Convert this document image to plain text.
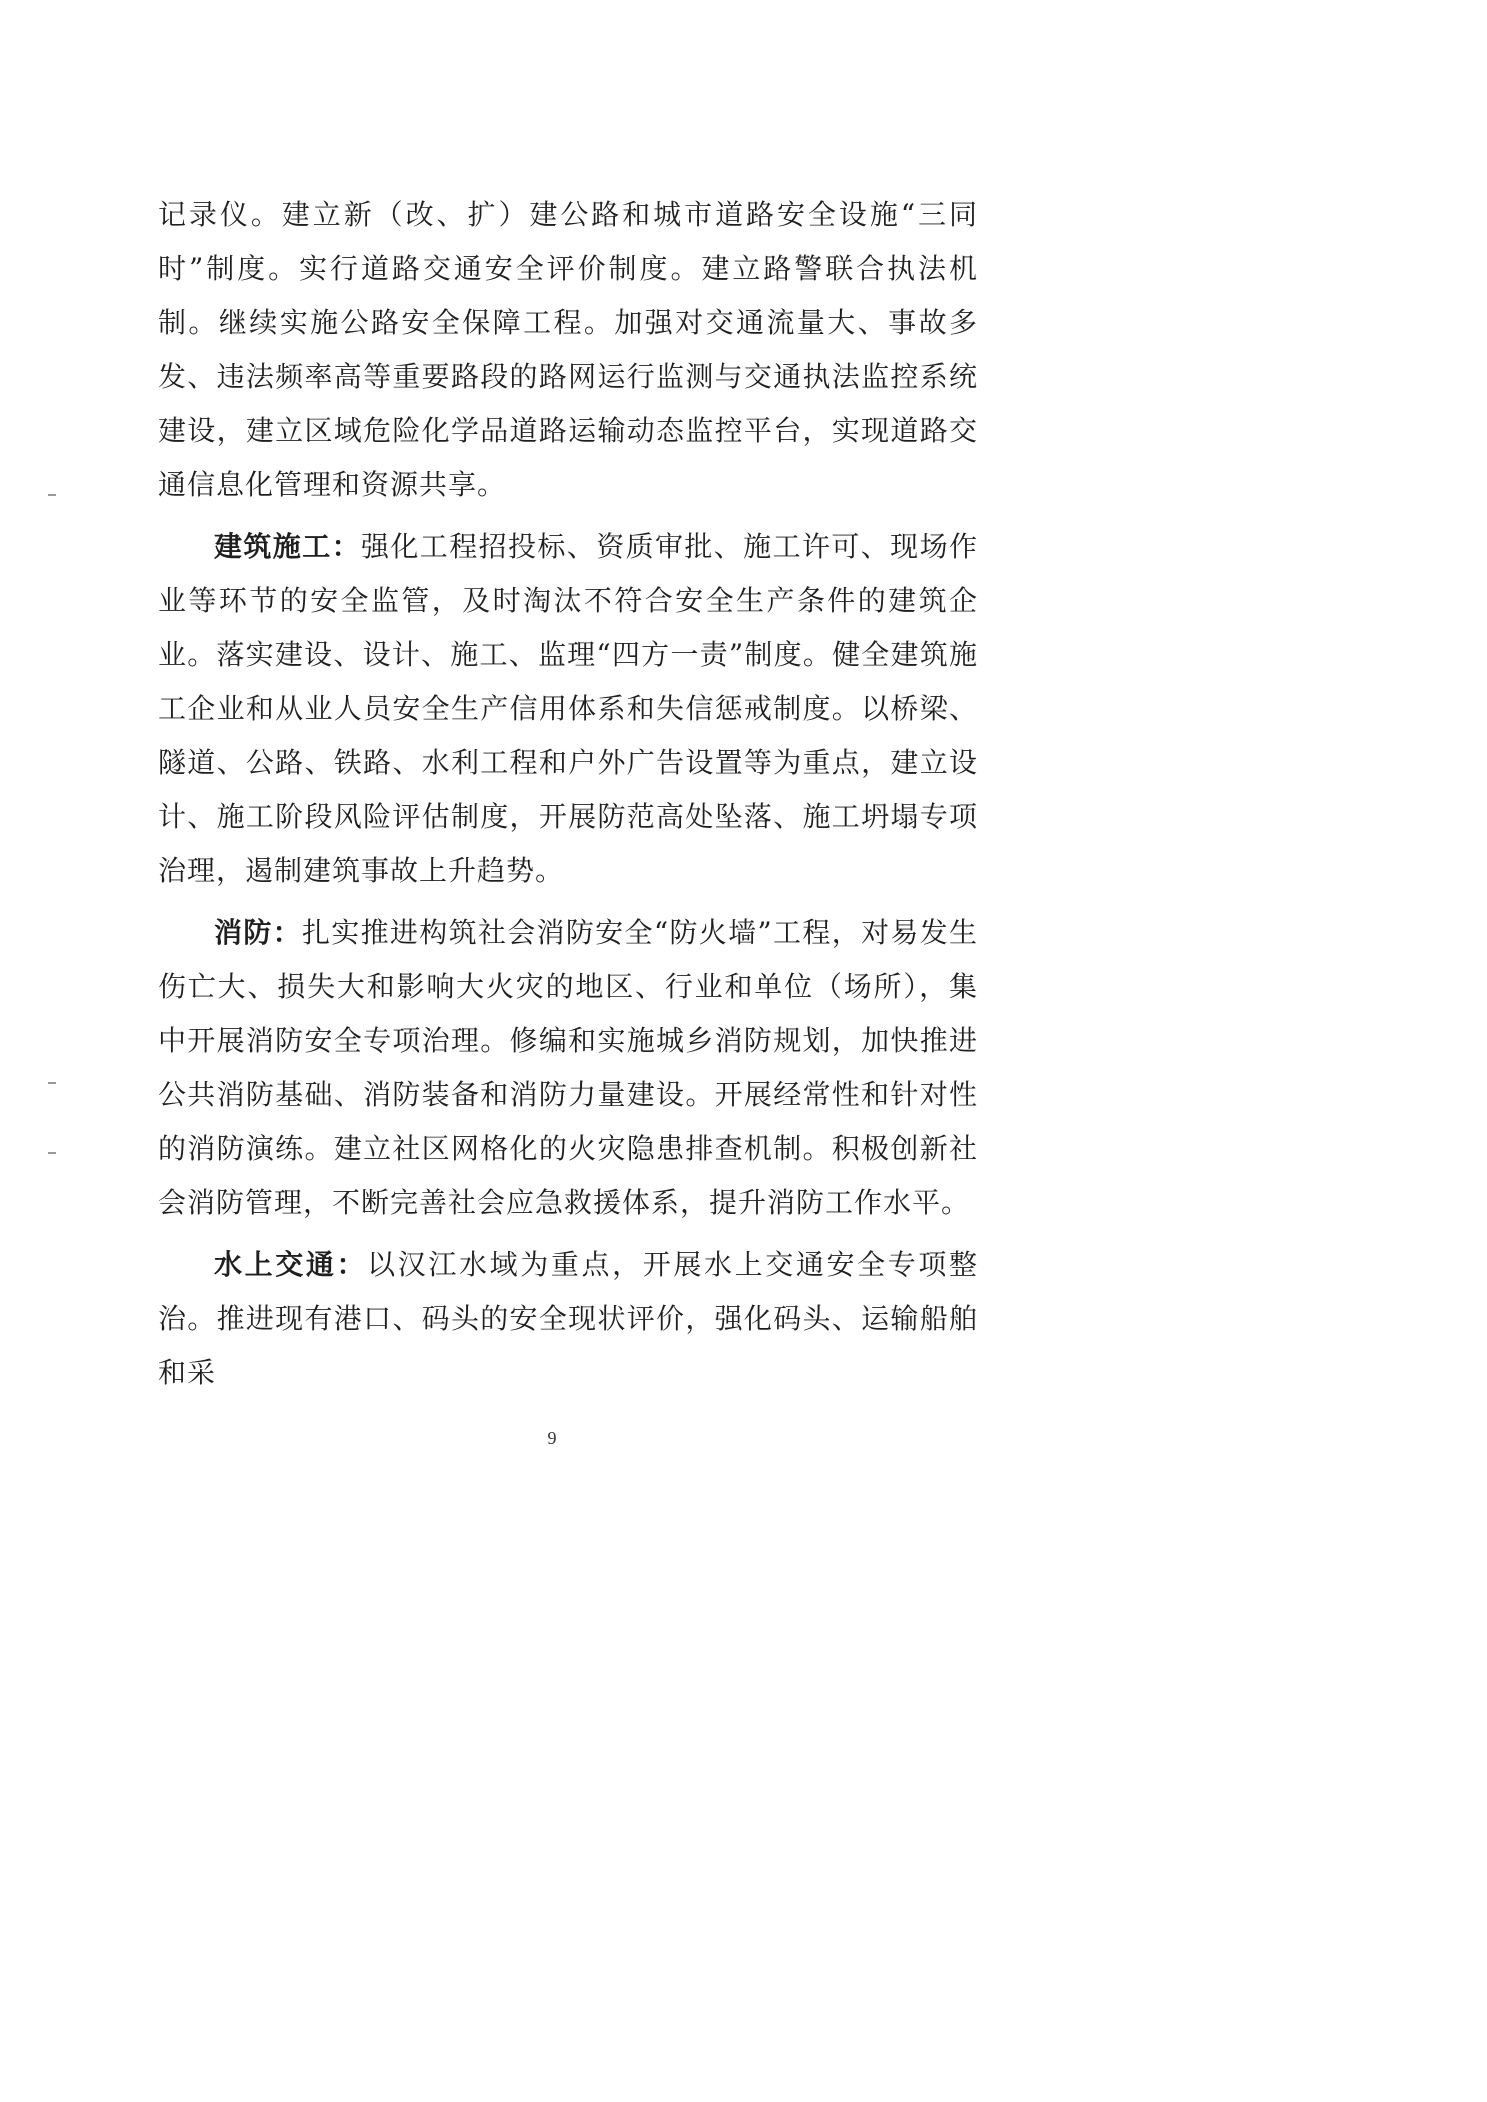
记录仪。建立新（改、扩）建公路和城市道路安全设施“三同时”制度。实行道路交通安全评价制度。建立路警联合执法机制。继续实施公路安全保障工程。加强对交通流量大、事故多发、违法频率高等重要路段的路网运行监测与交通执法监控系统建设，建立区域危险化学品道路运输动态监控平台，实现道路交通信息化管理和资源共享。

建筑施工：强化工程招投标、资质审批、施工许可、现场作业等环节的安全监管，及时淘汰不符合安全生产条件的建筑企业。落实建设、设计、施工、监理“四方一责”制度。健全建筑施工企业和从业人员安全生产信用体系和失信惩戒制度。以桥梁、隧道、公路、铁路、水利工程和户外广告设置等为重点，建立设计、施工阶段风险评估制度，开展防范高处坠落、施工坍塌专项治理，遏制建筑事故上升趋势。

消防：扎实推进构筑社会消防安全“防火墙”工程，对易发生伤亡大、损失大和影响大火灾的地区、行业和单位（场所），集中开展消防安全专项治理。修编和实施城乡消防规划，加快推进公共消防基础、消防装备和消防力量建设。开展经常性和针对性的消防演练。建立社区网格化的火灾隐患排查机制。积极创新社会消防管理，不断完善社会应急救援体系，提升消防工作水平。

水上交通：以汉江水域为重点，开展水上交通安全专项整治。推进现有港口、码头的安全现状评价，强化码头、运输船舶和采

9
